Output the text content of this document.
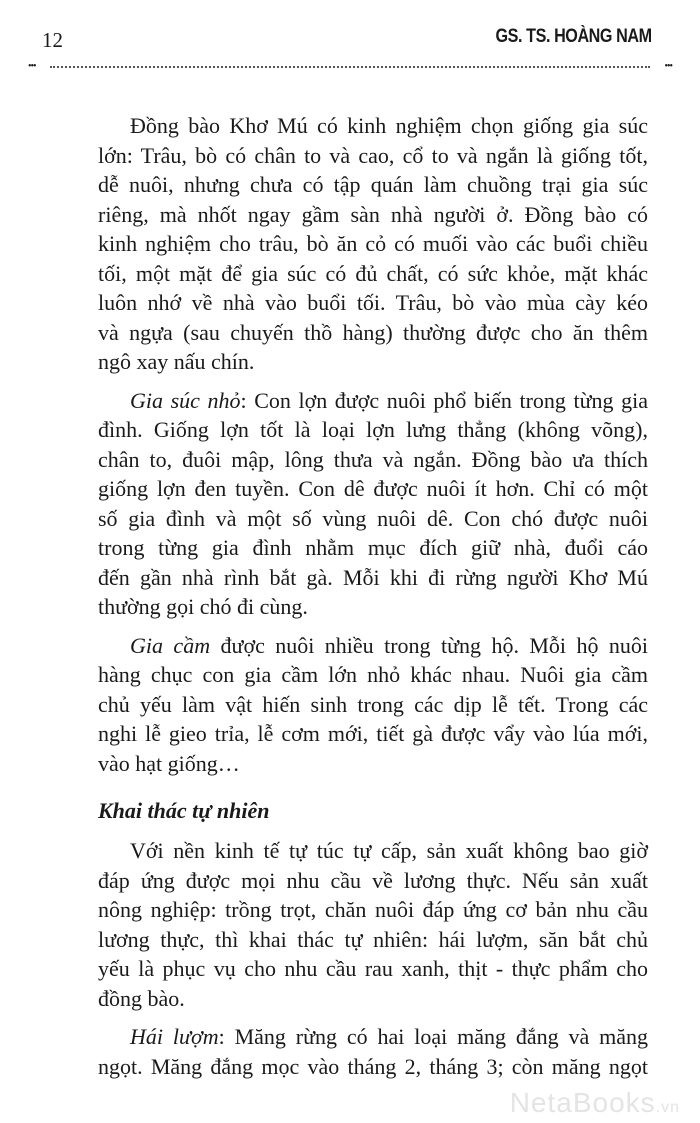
12	GS. TS. HOÀNG NAM
•••	•••
Đồng bào Khơ Mú có kinh nghiệm chọn giống gia súc
lớn: Trâu, bò có chân to và cao, cổ to và ngắn là giống tốt,
dễ nuôi, nhưng chưa có tập quán làm chuồng trại gia súc
riêng, mà nhốt ngay gầm sàn nhà người ở. Đồng bào có
kinh nghiệm cho trâu, bò ăn cỏ có muối vào các buổi chiều
tối, một mặt để gia súc có đủ chất, có sức khỏe, mặt khác
luôn nhớ về nhà vào buổi tối. Trâu, bò vào mùa cày kéo
và ngựa (sau chuyến thồ hàng) thường được cho ăn thêm
ngô xay nấu chín.
Gia súc nhỏ: Con lợn được nuôi phổ biến trong từng gia
đình. Giống lợn tốt là loại lợn lưng thẳng (không võng),
chân to, đuôi mập, lông thưa và ngắn. Đồng bào ưa thích
giống lợn đen tuyền. Con dê được nuôi ít hơn. Chỉ có một
số gia đình và một số vùng nuôi dê. Con chó được nuôi
trong từng gia đình nhằm mục đích giữ nhà, đuổi cáo
đến gần nhà rình bắt gà. Mỗi khi đi rừng người Khơ Mú
thường gọi chó đi cùng.
Gia cầm được nuôi nhiều trong từng hộ. Mỗi hộ nuôi
hàng chục con gia cầm lớn nhỏ khác nhau. Nuôi gia cầm
chủ yếu làm vật hiến sinh trong các dịp lễ tết. Trong các
nghi lễ gieo trỉa, lễ cơm mới, tiết gà được vẩy vào lúa mới,
vào hạt giống…
Khai thác tự nhiên
Với nền kinh tế tự túc tự cấp, sản xuất không bao giờ
đáp ứng được mọi nhu cầu về lương thực. Nếu sản xuất
nông nghiệp: trồng trọt, chăn nuôi đáp ứng cơ bản nhu cầu
lương thực, thì khai thác tự nhiên: hái lượm, săn bắt chủ
yếu là phục vụ cho nhu cầu rau xanh, thịt - thực phẩm cho
đồng bào.
Hái lượm: Măng rừng có hai loại măng đắng và măng
ngọt. Măng đắng mọc vào tháng 2, tháng 3; còn măng ngọt
NetaBooks.vn
